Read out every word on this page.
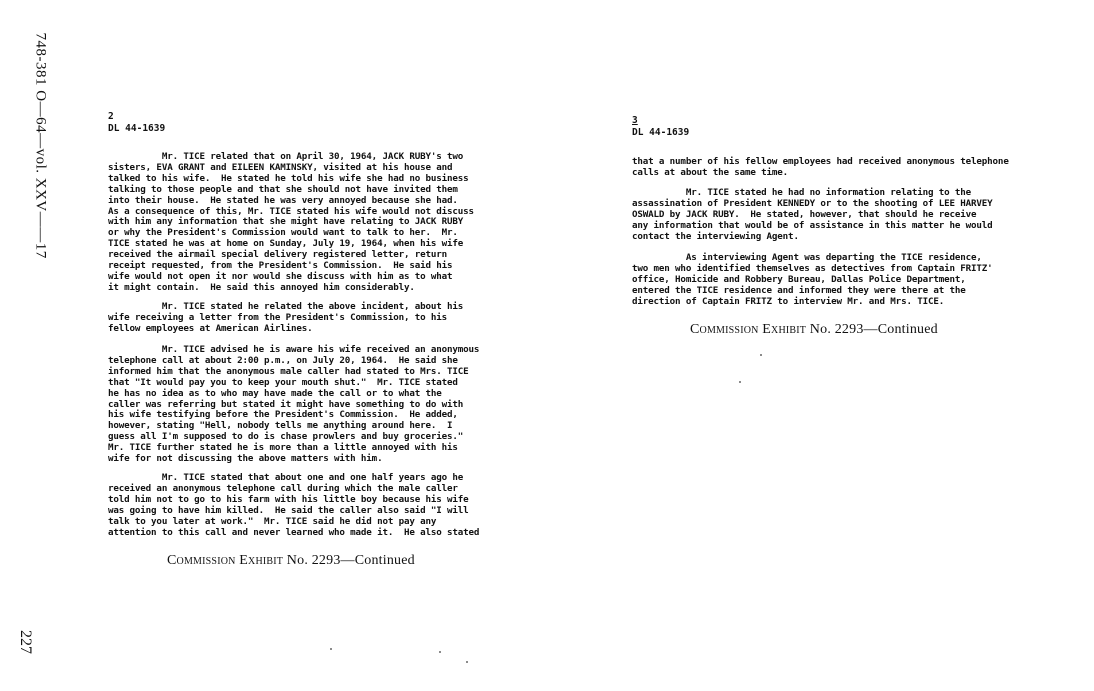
748-381 O—64—vol. XXV——17
227
2
DL 44-1639
Mr. TICE related that on April 30, 1964, JACK RUBY's two
sisters, EVA GRANT and EILEEN KAMINSKY, visited at his house and
talked to his wife.  He stated he told his wife she had no business
talking to those people and that she should not have invited them
into their house.  He stated he was very annoyed because she had.
As a consequence of this, Mr. TICE stated his wife would not discuss
with him any information that she might have relating to JACK RUBY
or why the President's Commission would want to talk to her.  Mr.
TICE stated he was at home on Sunday, July 19, 1964, when his wife
received the airmail special delivery registered letter, return
receipt requested, from the President's Commission.  He said his
wife would not open it nor would she discuss with him as to what
it might contain.  He said this annoyed him considerably.
Mr. TICE stated he related the above incident, about his
wife receiving a letter from the President's Commission, to his
fellow employees at American Airlines.
Mr. TICE advised he is aware his wife received an anonymous
telephone call at about 2:00 p.m., on July 20, 1964.  He said she
informed him that the anonymous male caller had stated to Mrs. TICE
that "It would pay you to keep your mouth shut."  Mr. TICE stated
he has no idea as to who may have made the call or to what the
caller was referring but stated it might have something to do with
his wife testifying before the President's Commission.  He added,
however, stating "Hell, nobody tells me anything around here.  I
guess all I'm supposed to do is chase prowlers and buy groceries."
Mr. TICE further stated he is more than a little annoyed with his
wife for not discussing the above matters with him.
Mr. TICE stated that about one and one half years ago he
received an anonymous telephone call during which the male caller
told him not to go to his farm with his little boy because his wife
was going to have him killed.  He said the caller also said "I will
talk to you later at work."  Mr. TICE said he did not pay any
attention to this call and never learned who made it.  He also stated
Commission Exhibit No. 2293—Continued
3
DL 44-1639
that a number of his fellow employees had received anonymous telephone
calls at about the same time.
Mr. TICE stated he had no information relating to the
assassination of President KENNEDY or to the shooting of LEE HARVEY
OSWALD by JACK RUBY.  He stated, however, that should he receive
any information that would be of assistance in this matter he would
contact the interviewing Agent.
As interviewing Agent was departing the TICE residence,
two men who identified themselves as detectives from Captain FRITZ'
office, Homicide and Robbery Bureau, Dallas Police Department,
entered the TICE residence and informed they were there at the
direction of Captain FRITZ to interview Mr. and Mrs. TICE.
Commission Exhibit No. 2293—Continued
